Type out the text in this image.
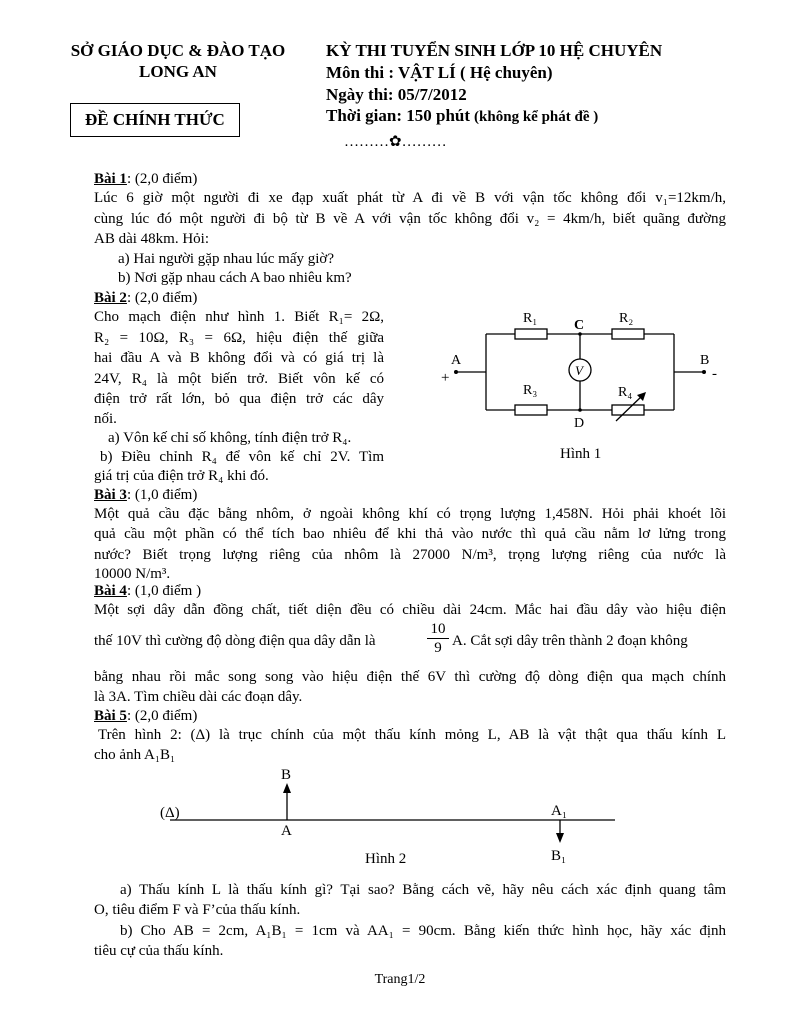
SỞ GIÁO DỤC & ĐÀO TẠO
LONG AN
ĐỀ CHÍNH THỨC
KỲ THI TUYỂN SINH LỚP 10 HỆ CHUYÊN
Môn thi : VẬT LÍ ( Hệ chuyên)
Ngày thi: 05/7/2012
Thời gian: 150 phút (không kể phát đề )
………✿………
Bài 1: (2,0 điểm)
Lúc 6 giờ một người đi xe đạp xuất phát từ A đi về B với vận tốc không đổi v₁=12km/h,
cùng lúc đó một người đi bộ từ B về A với vận tốc không đổi v₂ = 4km/h, biết quãng đường
AB dài 48km. Hỏi:
a) Hai người gặp nhau lúc mấy giờ?
b) Nơi gặp nhau cách A bao nhiêu km?
Bài 2: (2,0 điểm)
Cho mạch điện như hình 1. Biết R₁= 2Ω,
R₂ = 10Ω, R₃ = 6Ω, hiệu điện thế giữa
hai đầu A và B không đổi và có giá trị là
24V, R₄ là một biến trở. Biết vôn kế có
điện trở rất lớn, bỏ qua điện trở các dây
nối.
a) Vôn kế chỉ số không, tính điện trở R₄.
b) Điều chỉnh R₄ để vôn kế chỉ 2V. Tìm
giá trị của điện trở R₄ khi đó.
R₁	R₂
R₃	R₄
C
D
A	B
+	-
V
Hình 1
Bài 3: (1,0 điểm)
Một quả cầu đặc bằng nhôm, ở ngoài không khí có trọng lượng 1,458N. Hỏi phải khoét lõi
quả cầu một phần có thể tích bao nhiêu để khi thả vào nước thì quả cầu nằm lơ lửng trong
nước? Biết trọng lượng riêng của nhôm là 27000 N/m³, trọng lượng riêng của nước là
10000 N/m³.
Bài 4: (1,0 điểm )
Một sợi dây dẫn đồng chất, tiết diện đều có chiều dài 24cm. Mắc hai đầu dây vào hiệu điện
thế 10V thì cường độ dòng điện qua dây dẫn là	$\frac{10}{9} A$. Cắt sợi dây trên thành 2 đoạn không
bằng nhau rồi mắc song song vào hiệu điện thế 6V thì cường độ dòng điện qua mạch chính
là 3A. Tìm chiều dài các đoạn dây.
Bài 5: (2,0 điểm)
Trên hình 2: (Δ) là trục chính của một thấu kính mỏng L, AB là vật thật qua thấu kính L
cho ảnh A₁B₁
(Δ)
B
A
A₁
B₁
Hình 2
a) Thấu kính L là thấu kính gì? Tại sao? Bằng cách vẽ, hãy nêu cách xác định quang tâm
O, tiêu điểm F và F’của thấu kính.
b) Cho AB = 2cm, A₁B₁ = 1cm và AA₁ = 90cm. Bằng kiến thức hình học, hãy xác định
tiêu cự của thấu kính.
Trang1/2
